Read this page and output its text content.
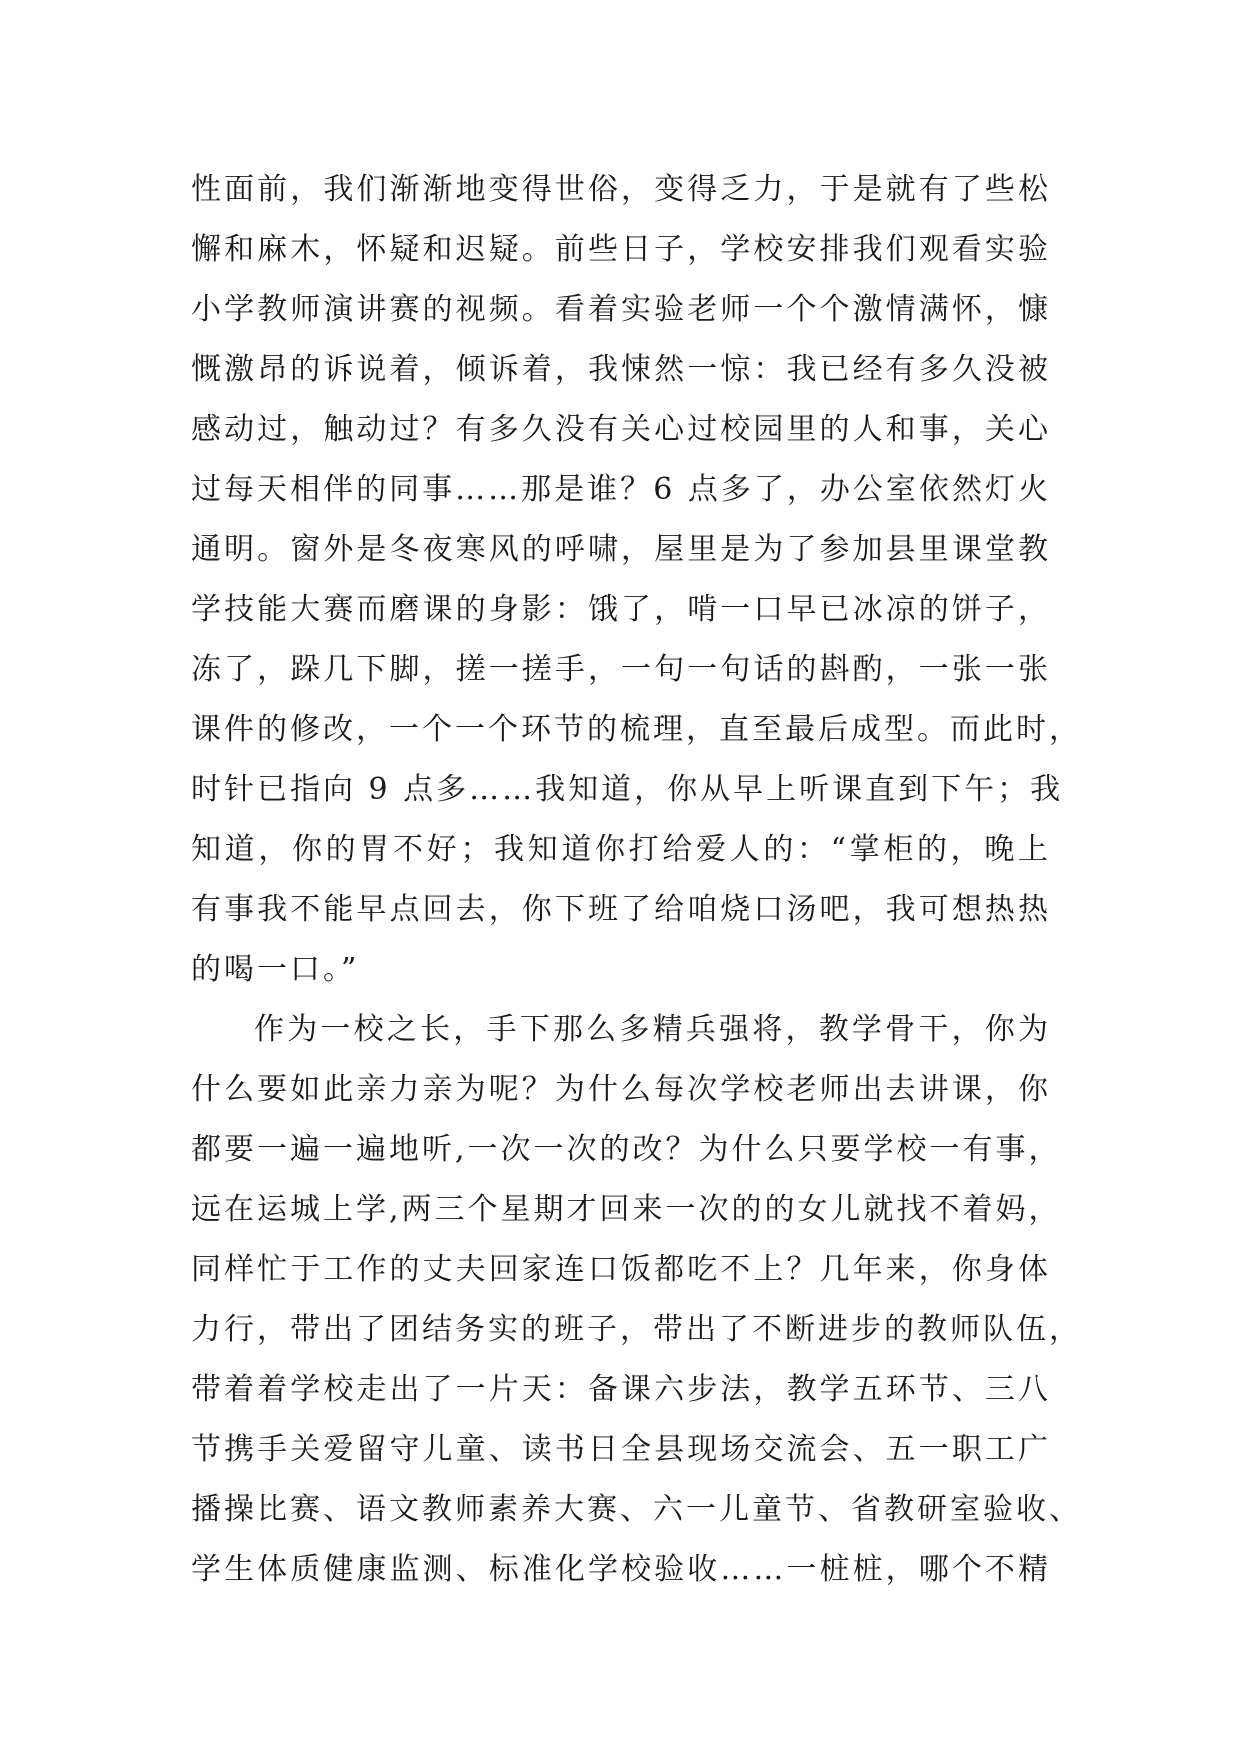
性面前，我们渐渐地变得世俗，变得乏力，于是就有了些松
懈和麻木，怀疑和迟疑。前些日子，学校安排我们观看实验
小学教师演讲赛的视频。看着实验老师一个个激情满怀，慷
慨激昂的诉说着，倾诉着，我悚然一惊：我已经有多久没被
感动过，触动过？有多久没有关心过校园里的人和事，关心
过每天相伴的同事……那是谁？6 点多了，办公室依然灯火
通明。窗外是冬夜寒风的呼啸，屋里是为了参加县里课堂教
学技能大赛而磨课的身影：饿了，啃一口早已冰凉的饼子，
冻了，跺几下脚，搓一搓手，一句一句话的斟酌，一张一张
课件的修改，一个一个环节的梳理，直至最后成型。而此时，
时针已指向 9 点多……我知道，你从早上听课直到下午；我
知道，你的胃不好；我知道你打给爱人的：“掌柜的，晚上
有事我不能早点回去，你下班了给咱烧口汤吧，我可想热热
的喝一口。”
作为一校之长，手下那么多精兵强将，教学骨干，你为
什么要如此亲力亲为呢？为什么每次学校老师出去讲课，你
都要一遍一遍地听,一次一次的改？为什么只要学校一有事，
远在运城上学,两三个星期才回来一次的的女儿就找不着妈，
同样忙于工作的丈夫回家连口饭都吃不上？几年来，你身体
力行，带出了团结务实的班子，带出了不断进步的教师队伍，
带着着学校走出了一片天：备课六步法，教学五环节、三八
节携手关爱留守儿童、读书日全县现场交流会、五一职工广
播操比赛、语文教师素养大赛、六一儿童节、省教研室验收、
学生体质健康监测、标准化学校验收……一桩桩，哪个不精
